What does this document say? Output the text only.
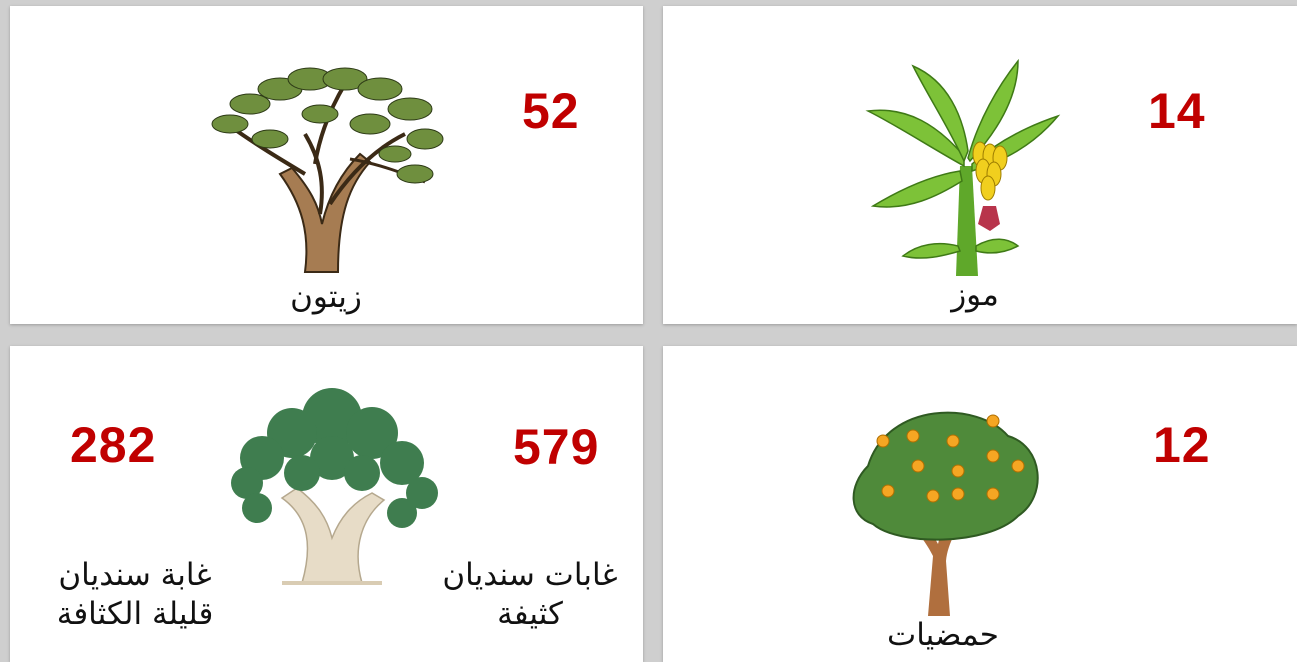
52
زيتون
14
موز
282	579
غابة سنديان
قليلة الكثافة
غابات سنديان
كثيفة
12
حمضيات
